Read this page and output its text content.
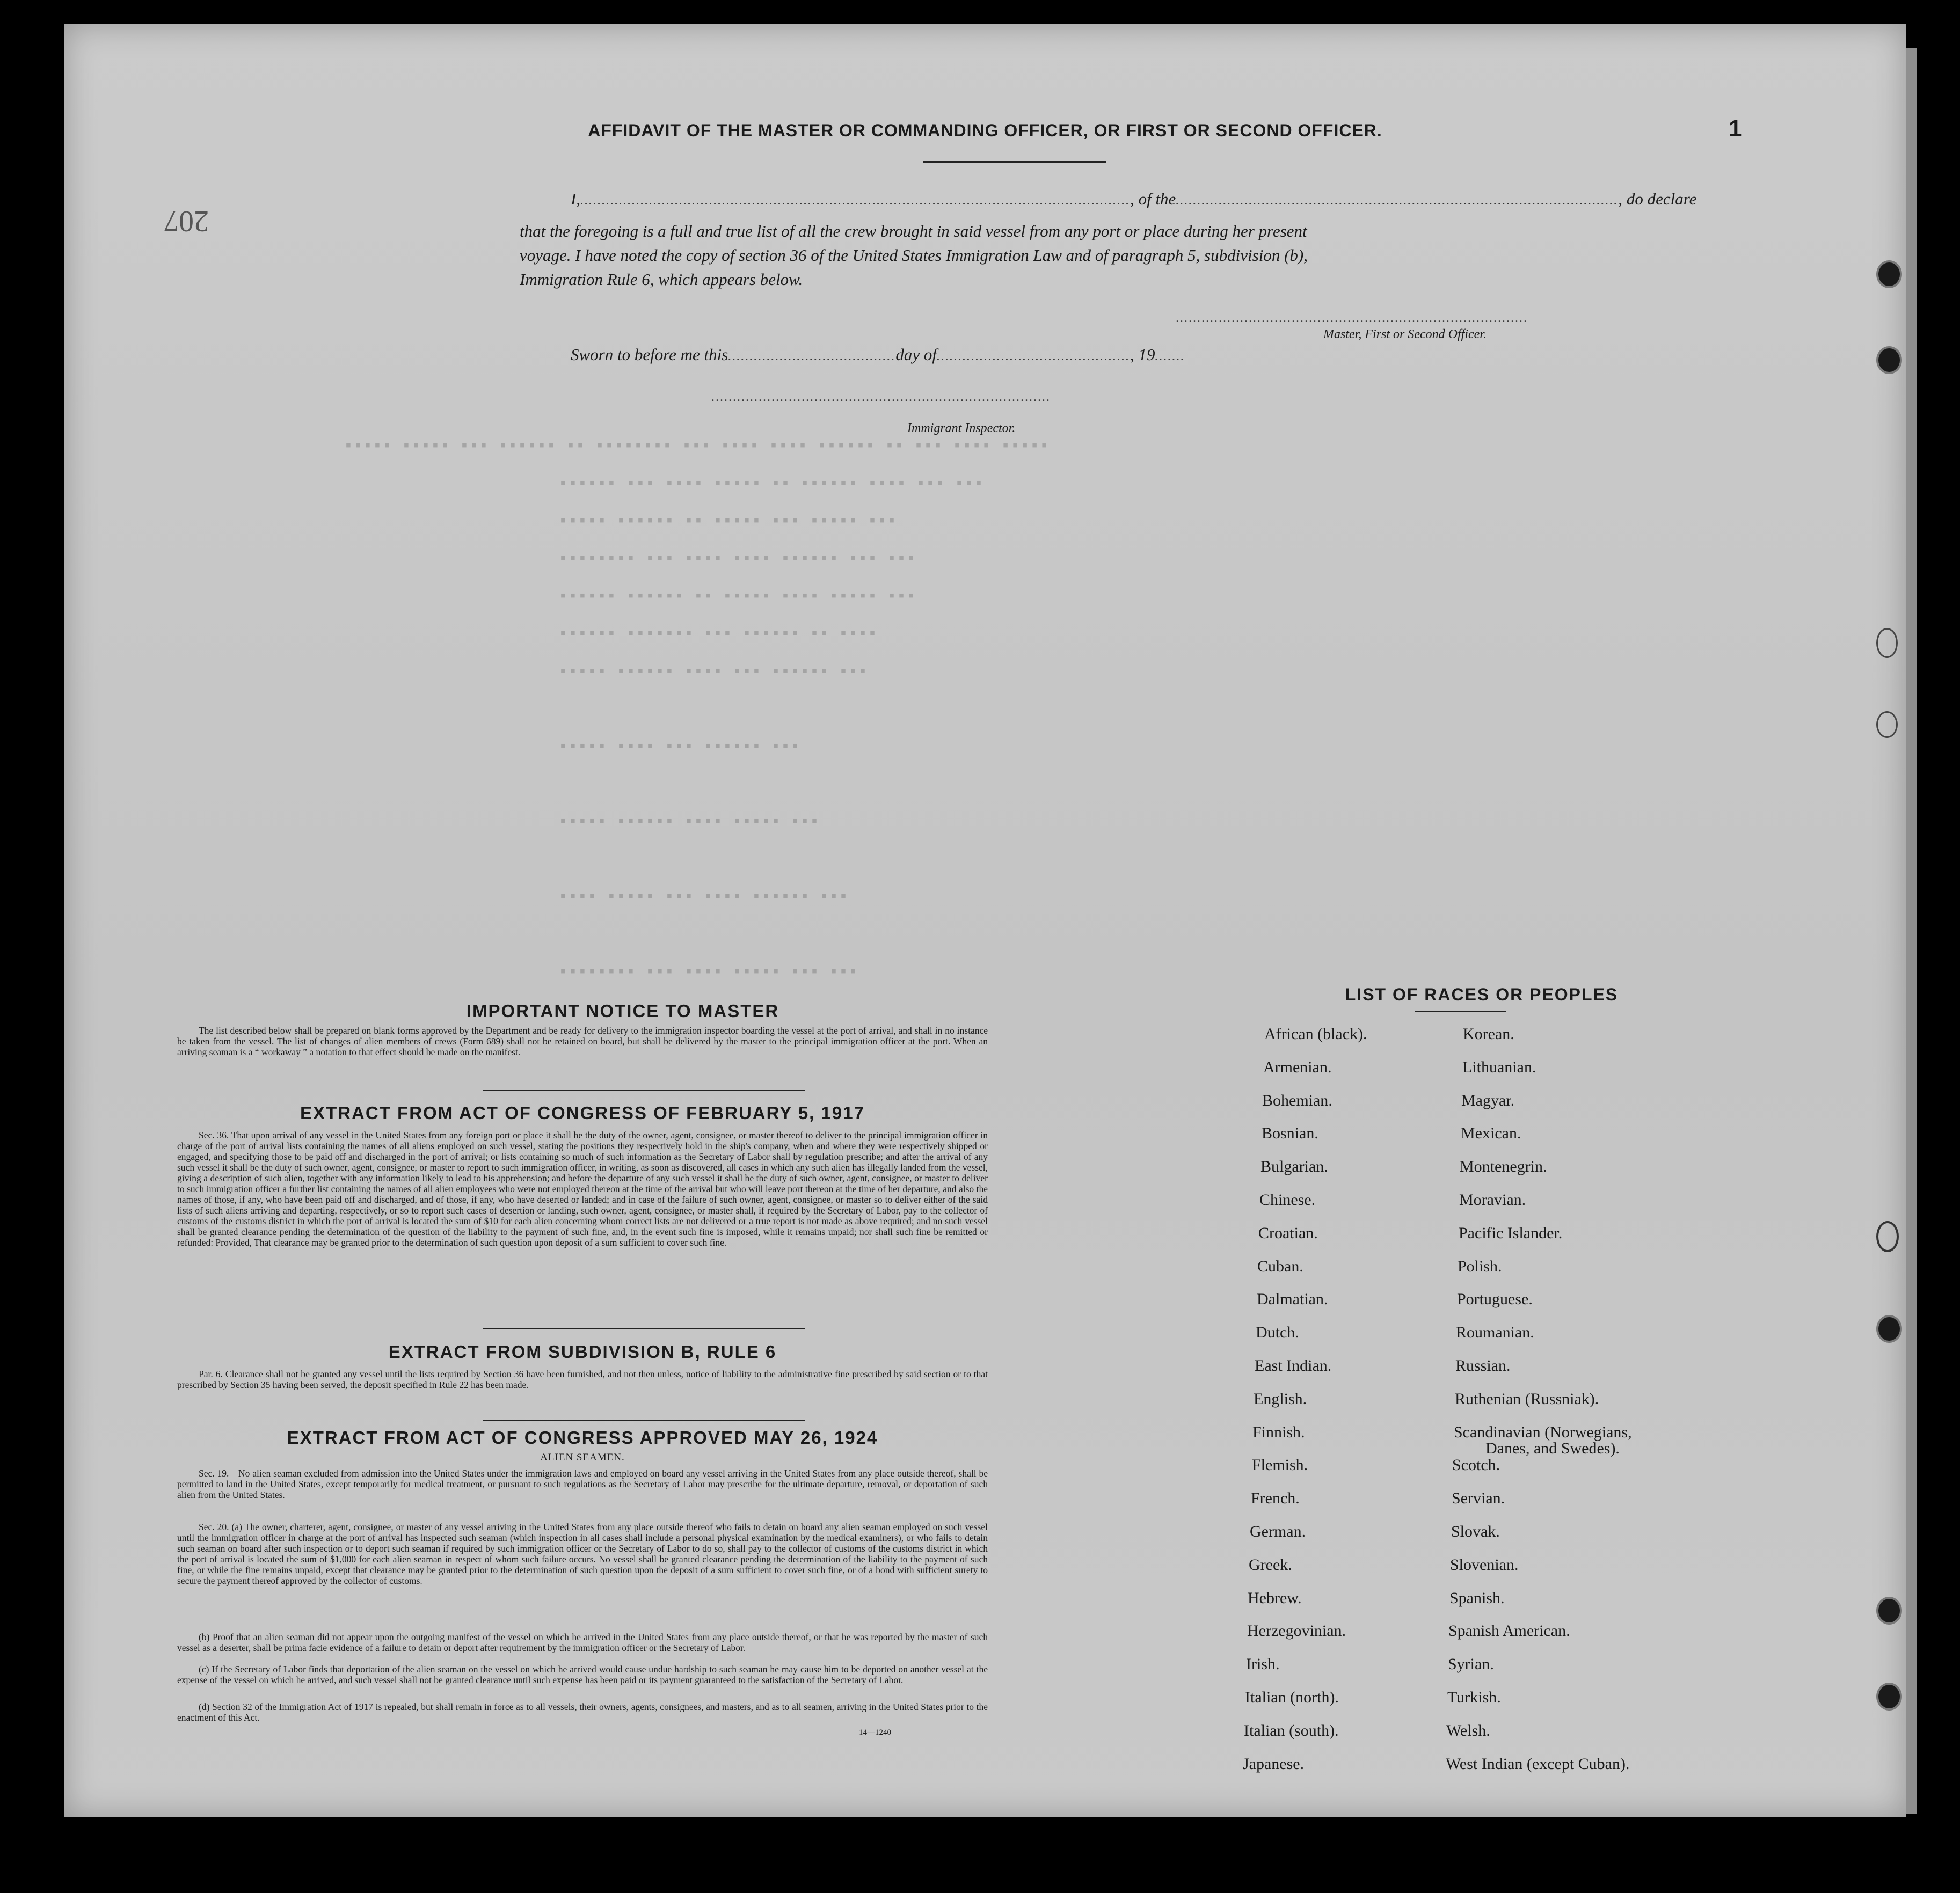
1
207
AFFIDAVIT OF THE MASTER OR COMMANDING OFFICER, OR FIRST OR SECOND OFFICER.
I,................................................................................................................................, of the......................................................................................................., do declare
that the foregoing is a full and true list of all the crew brought in said vessel from any port or place during her present
voyage. I have noted the copy of section 36 of the United States Immigration Law and of paragraph 5, subdivision (b),
Immigration Rule 6, which appears below.
..................................................................................
Master, First or Second Officer.
Sworn to before me this.......................................day of............................................., 19.......
...............................................................................
Immigrant Inspector.
▪▪▪▪▪ ▪▪▪▪▪ ▪▪▪ ▪▪▪▪▪▪ ▪▪ ▪▪▪▪▪▪▪▪ ▪▪▪ ▪▪▪▪ ▪▪▪▪ ▪▪▪▪▪▪ ▪▪ ▪▪▪ ▪▪▪▪ ▪▪▪▪▪
▪▪▪▪▪▪ ▪▪▪ ▪▪▪▪ ▪▪▪▪▪ ▪▪ ▪▪▪▪▪▪ ▪▪▪▪ ▪▪▪ ▪▪▪
▪▪▪▪▪ ▪▪▪▪▪▪ ▪▪ ▪▪▪▪▪ ▪▪▪ ▪▪▪▪▪ ▪▪▪
▪▪▪▪▪▪▪▪ ▪▪▪ ▪▪▪▪ ▪▪▪▪ ▪▪▪▪▪▪ ▪▪▪ ▪▪▪
▪▪▪▪▪▪ ▪▪▪▪▪▪ ▪▪ ▪▪▪▪▪ ▪▪▪▪ ▪▪▪▪▪ ▪▪▪
▪▪▪▪▪▪ ▪▪▪▪▪▪▪ ▪▪▪ ▪▪▪▪▪▪ ▪▪ ▪▪▪▪
▪▪▪▪▪ ▪▪▪▪▪▪ ▪▪▪▪ ▪▪▪ ▪▪▪▪▪▪ ▪▪▪
▪▪▪▪▪ ▪▪▪▪ ▪▪▪ ▪▪▪▪▪▪ ▪▪▪
▪▪▪▪▪ ▪▪▪▪▪▪ ▪▪▪▪ ▪▪▪▪▪ ▪▪▪
▪▪▪▪ ▪▪▪▪▪ ▪▪▪ ▪▪▪▪ ▪▪▪▪▪▪ ▪▪▪
▪▪▪▪▪▪▪▪ ▪▪▪ ▪▪▪▪ ▪▪▪▪▪ ▪▪▪ ▪▪▪
IMPORTANT NOTICE TO MASTER
The list described below shall be prepared on blank forms approved by the Department and be ready for delivery to the immigration inspector boarding the vessel at the port of arrival, and shall in no instance be taken from the vessel. The list of changes of alien members of crews (Form 689) shall not be retained on board, but shall be delivered by the master to the principal immigration officer at the port. When an arriving seaman is a “ workaway ” a notation to that effect should be made on the manifest.
EXTRACT FROM ACT OF CONGRESS OF FEBRUARY 5, 1917
Sec. 36. That upon arrival of any vessel in the United States from any foreign port or place it shall be the duty of the owner, agent, consignee, or master thereof to deliver to the principal immigration officer in charge of the port of arrival lists containing the names of all aliens employed on such vessel, stating the positions they respectively hold in the ship's company, when and where they were respectively shipped or engaged, and specifying those to be paid off and discharged in the port of arrival; or lists containing so much of such information as the Secretary of Labor shall by regulation prescribe; and after the arrival of any such vessel it shall be the duty of such owner, agent, consignee, or master to report to such immigration officer, in writing, as soon as discovered, all cases in which any such alien has illegally landed from the vessel, giving a description of such alien, together with any information likely to lead to his apprehension; and before the departure of any such vessel it shall be the duty of such owner, agent, consignee, or master to deliver to such immigration officer a further list containing the names of all alien employees who were not employed thereon at the time of the arrival but who will leave port thereon at the time of her departure, and also the names of those, if any, who have been paid off and discharged, and of those, if any, who have deserted or landed; and in case of the failure of such owner, agent, consignee, or master so to deliver either of the said lists of such aliens arriving and departing, respectively, or so to report such cases of desertion or landing, such owner, agent, consignee, or master shall, if required by the Secretary of Labor, pay to the collector of customs of the customs district in which the port of arrival is located the sum of $10 for each alien concerning whom correct lists are not delivered or a true report is not made as above required; and no such vessel shall be granted clearance pending the determination of the question of the liability to the payment of such fine, and, in the event such fine is imposed, while it remains unpaid; nor shall such fine be remitted or refunded: Provided, That clearance may be granted prior to the determination of such question upon deposit of a sum sufficient to cover such fine.
EXTRACT FROM SUBDIVISION B, RULE 6
Par. 6. Clearance shall not be granted any vessel until the lists required by Section 36 have been furnished, and not then unless, notice of liability to the administrative fine prescribed by said section or to that prescribed by Section 35 having been served, the deposit specified in Rule 22 has been made.
EXTRACT FROM ACT OF CONGRESS APPROVED MAY 26, 1924
ALIEN SEAMEN.
Sec. 19.—No alien seaman excluded from admission into the United States under the immigration laws and employed on board any vessel arriving in the United States from any place outside thereof, shall be permitted to land in the United States, except temporarily for medical treatment, or pursuant to such regulations as the Secretary of Labor may prescribe for the ultimate departure, removal, or deportation of such alien from the United States.
Sec. 20. (a) The owner, charterer, agent, consignee, or master of any vessel arriving in the United States from any place outside thereof who fails to detain on board any alien seaman employed on such vessel until the immigration officer in charge at the port of arrival has inspected such seaman (which inspection in all cases shall include a personal physical examination by the medical examiners), or who fails to detain such seaman on board after such inspection or to deport such seaman if required by such immigration officer or the Secretary of Labor to do so, shall pay to the collector of customs of the customs district in which the port of arrival is located the sum of $1,000 for each alien seaman in respect of whom such failure occurs. No vessel shall be granted clearance pending the determination of the liability to the payment of such fine, or while the fine remains unpaid, except that clearance may be granted prior to the determination of such question upon the deposit of a sum sufficient to cover such fine, or of a bond with sufficient surety to secure the payment thereof approved by the collector of customs.
(b) Proof that an alien seaman did not appear upon the outgoing manifest of the vessel on which he arrived in the United States from any place outside thereof, or that he was reported by the master of such vessel as a deserter, shall be prima facie evidence of a failure to detain or deport after requirement by the immigration officer or the Secretary of Labor.
(c) If the Secretary of Labor finds that deportation of the alien seaman on the vessel on which he arrived would cause undue hardship to such seaman he may cause him to be deported on another vessel at the expense of the vessel on which he arrived, and such vessel shall not be granted clearance until such expense has been paid or its payment guaranteed to the satisfaction of the Secretary of Labor.
(d) Section 32 of the Immigration Act of 1917 is repealed, but shall remain in force as to all vessels, their owners, agents, consignees, and masters, and as to all seamen, arriving in the United States prior to the enactment of this Act.
14—1240
LIST OF RACES OR PEOPLES
African (black).
Armenian.
Bohemian.
Bosnian.
Bulgarian.
Chinese.
Croatian.
Cuban.
Dalmatian.
Dutch.
East Indian.
English.
Finnish.
Flemish.
French.
German.
Greek.
Hebrew.
Herzegovinian.
Irish.
Italian (north).
Italian (south).
Japanese.
Korean.
Lithuanian.
Magyar.
Mexican.
Montenegrin.
Moravian.
Pacific Islander.
Polish.
Portuguese.
Roumanian.
Russian.
Ruthenian (Russniak).
Scandinavian (Norwegians,
Danes, and Swedes).
Scotch.
Servian.
Slovak.
Slovenian.
Spanish.
Spanish American.
Syrian.
Turkish.
Welsh.
West Indian (except Cuban).
